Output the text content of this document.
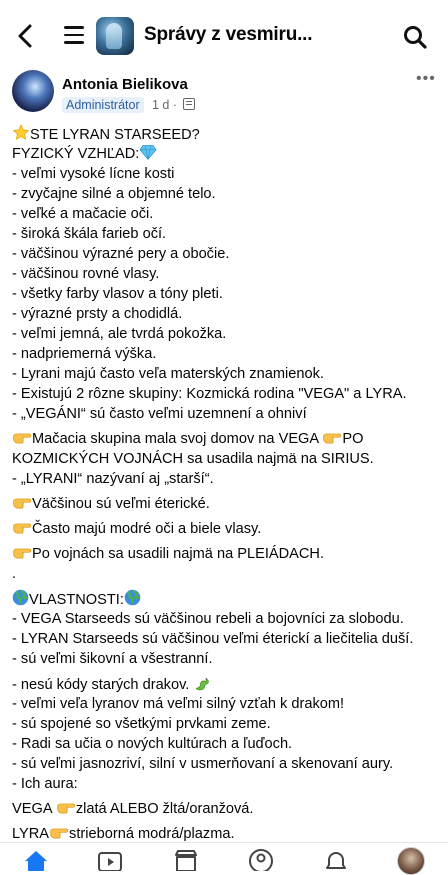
Správy z vesmiru...
Antonia Bielikova
Administrátor 1 d ·
•••
STE LYRAN STARSEED?
FYZICKÝ VZHĽAD:
- veľmi vysoké lícne kosti
- zvyčajne silné a objemné telo.
- veľké a mačacie oči.
- široká škála farieb očí.
- väčšinou výrazné pery a obočie.
- väčšinou rovné vlasy.
- všetky farby vlasov a tóny pleti.
- výrazné prsty a chodidlá.
- veľmi jemná, ale tvrdá pokožka.
- nadpriemerná výška.
- Lyrani majú často veľa materských znamienok.
- Existujú 2 rôzne skupiny: Kozmická rodina "VEGA" a LYRA.
- „VEGÁNI“ sú často veľmi uzemnení a ohniví
Mačacia skupina mala svoj domov na VEGA PO
KOZMICKÝCH VOJNÁCH sa usadila najmä na SIRIUS.
- „LYRANI“ nazývaní aj „starší“.
Väčšinou sú veľmi éterické.
Často majú modré oči a biele vlasy.
Po vojnách sa usadili najmä na PLEIÁDACH.
.
VLASTNOSTI:
- VEGA Starseeds sú väčšinou rebeli a bojovníci za slobodu.
- LYRAN Starseeds sú väčšinou veľmi éterickí a liečitelia duší.
- sú veľmi šikovní a všestranní.
- nesú kódy starých drakov.
- veľmi veľa lyranov má veľmi silný vzťah k drakom!
- sú spojené so všetkými prvkami zeme.
- Radi sa učia o nových kultúrach a ľuďoch.
- sú veľmi jasnozriví, silní v usmerňovaní a skenovaní aury.
- Ich aura:
VEGA zlatá ALEBO žltá/oranžová.
LYRA strieborná modrá/plazma.
